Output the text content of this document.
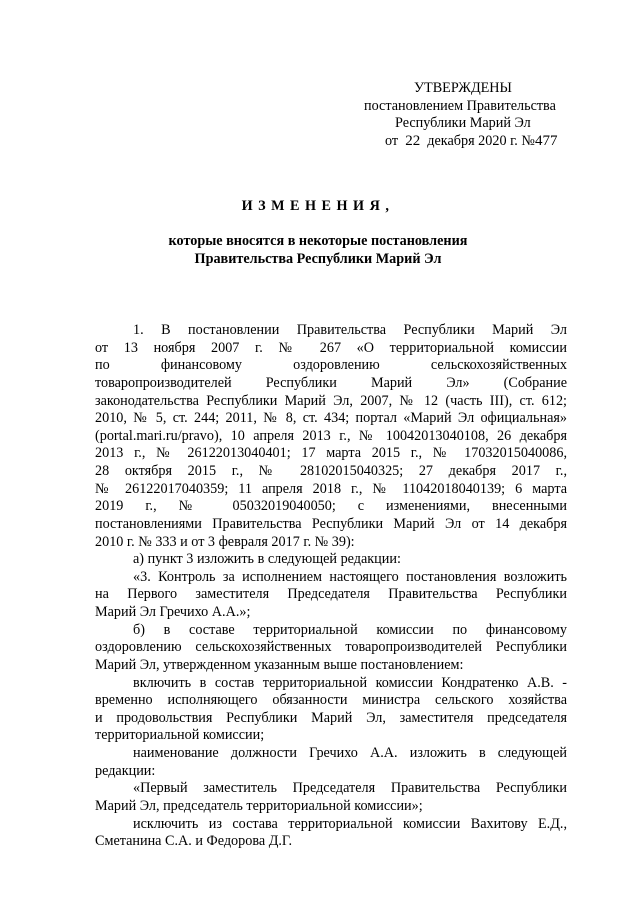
УТВЕРЖДЕНЫ
постановлением Правительства
Республики Марий Эл
от 22 декабря 2020 г. №477
ИЗМЕНЕНИЯ,
которые вносятся в некоторые постановления
Правительства Республики Марий Эл
1. В постановлении Правительства Республики Марий Эл
от 13 ноября 2007 г. № 267 «О территориальной комиссии
по финансовому оздоровлению сельскохозяйственных
товаропроизводителей Республики Марий Эл» (Собрание
законодательства Республики Марий Эл, 2007, № 12 (часть III), ст. 612;
2010, № 5, ст. 244; 2011, № 8, ст. 434; портал «Марий Эл официальная»
(portal.mari.ru/pravo), 10 апреля 2013 г., № 10042013040108, 26 декабря
2013 г., № 26122013040401; 17 марта 2015 г., № 17032015040086,
28 октября 2015 г., № 28102015040325; 27 декабря 2017 г.,
№ 26122017040359; 11 апреля 2018 г., № 11042018040139; 6 марта
2019 г., № 05032019040050; с изменениями, внесенными
постановлениями Правительства Республики Марий Эл от 14 декабря
2010 г. № 333 и от 3 февраля 2017 г. № 39):
а) пункт 3 изложить в следующей редакции:
«3. Контроль за исполнением настоящего постановления возложить
на Первого заместителя Председателя Правительства Республики
Марий Эл Гречихо А.А.»;
б) в составе территориальной комиссии по финансовому
оздоровлению сельскохозяйственных товаропроизводителей Республики
Марий Эл, утвержденном указанным выше постановлением:
включить в состав территориальной комиссии Кондратенко А.В. -
временно исполняющего обязанности министра сельского хозяйства
и продовольствия Республики Марий Эл, заместителя председателя
территориальной комиссии;
наименование должности Гречихо А.А. изложить в следующей
редакции:
«Первый заместитель Председателя Правительства Республики
Марий Эл, председатель территориальной комиссии»;
исключить из состава территориальной комиссии Вахитову Е.Д.,
Сметанина С.А. и Федорова Д.Г.
